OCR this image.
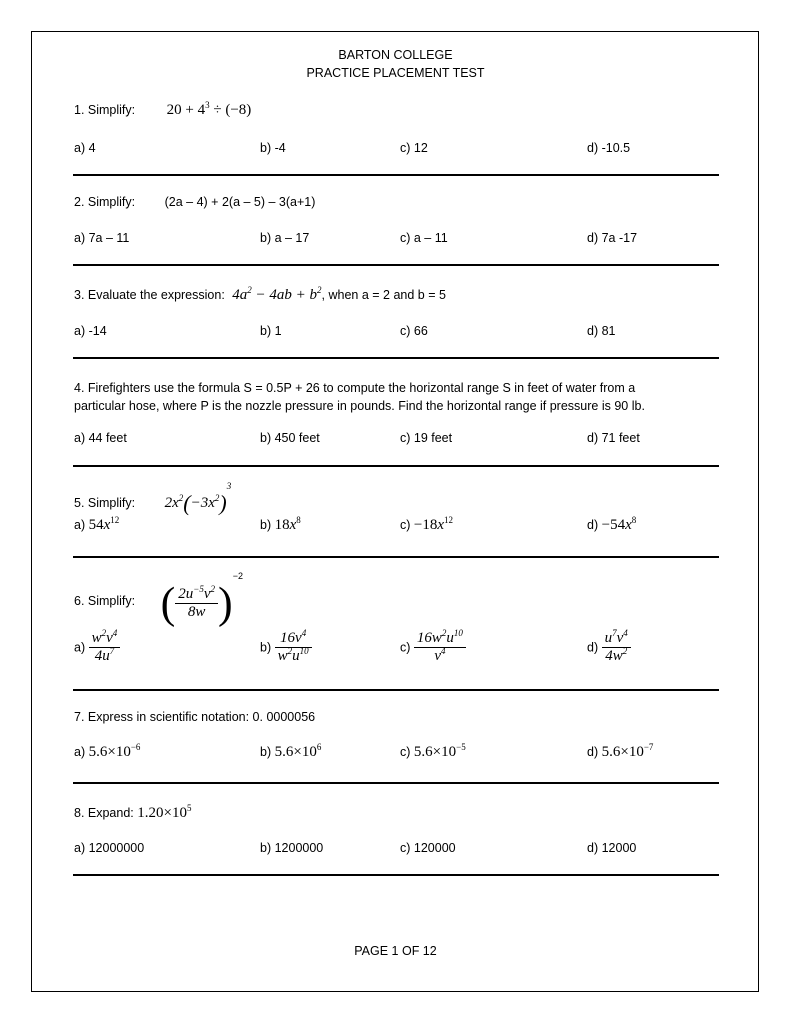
BARTON COLLEGE
PRACTICE PLACEMENT TEST
1. Simplify: $20 + 4^3 \div (-8)$
a) 4	b) -4	c) 12	d) -10.5
2. Simplify: (2a – 4) + 2(a – 5) – 3(a+1)
a) 7a – 11	b) a – 17	c) a – 11	d) 7a -17
3. Evaluate the expression: $4a^2 - 4ab + b^2$, when a = 2 and b = 5
a) -14	b) 1	c) 66	d) 81
4. Firefighters use the formula S = 0.5P + 26 to compute the horizontal range S in feet of water from a
particular hose, where P is the nozzle pressure in pounds. Find the horizontal range if pressure is 90 lb.
a) 44 feet	b) 450 feet	c) 19 feet	d) 71 feet
5. Simplify: $2x^2(-3x^2)^3$
a) $54x^{12}$	b) $18x^8$	$c) -18x^{12}$	$d) -54x^8$
6. Simplify: ( $\frac{2u^{-5}v^2}{8w} )^{-2}$
$a) \frac{w^2v^4}{4u^7}$	$b) \frac{16v^4}{w^2u^{10}}$	$c) \frac{16w^2u^{10}}{v^4}$	$d) \frac{u^7v^4}{4w^2}$
7. Express in scientific notation: 0. 0000056
a) $5.6\times 10^{-6}$	b) $5.6\times 10^6$	c) $5.6\times 10^{-5}$	d) $5.6\times 10^{-7}$
8. Expand: $1.20\times 10^5$
a) 12000000	b) 1200000	c) 120000	d) 12000
PAGE 1 OF 12
